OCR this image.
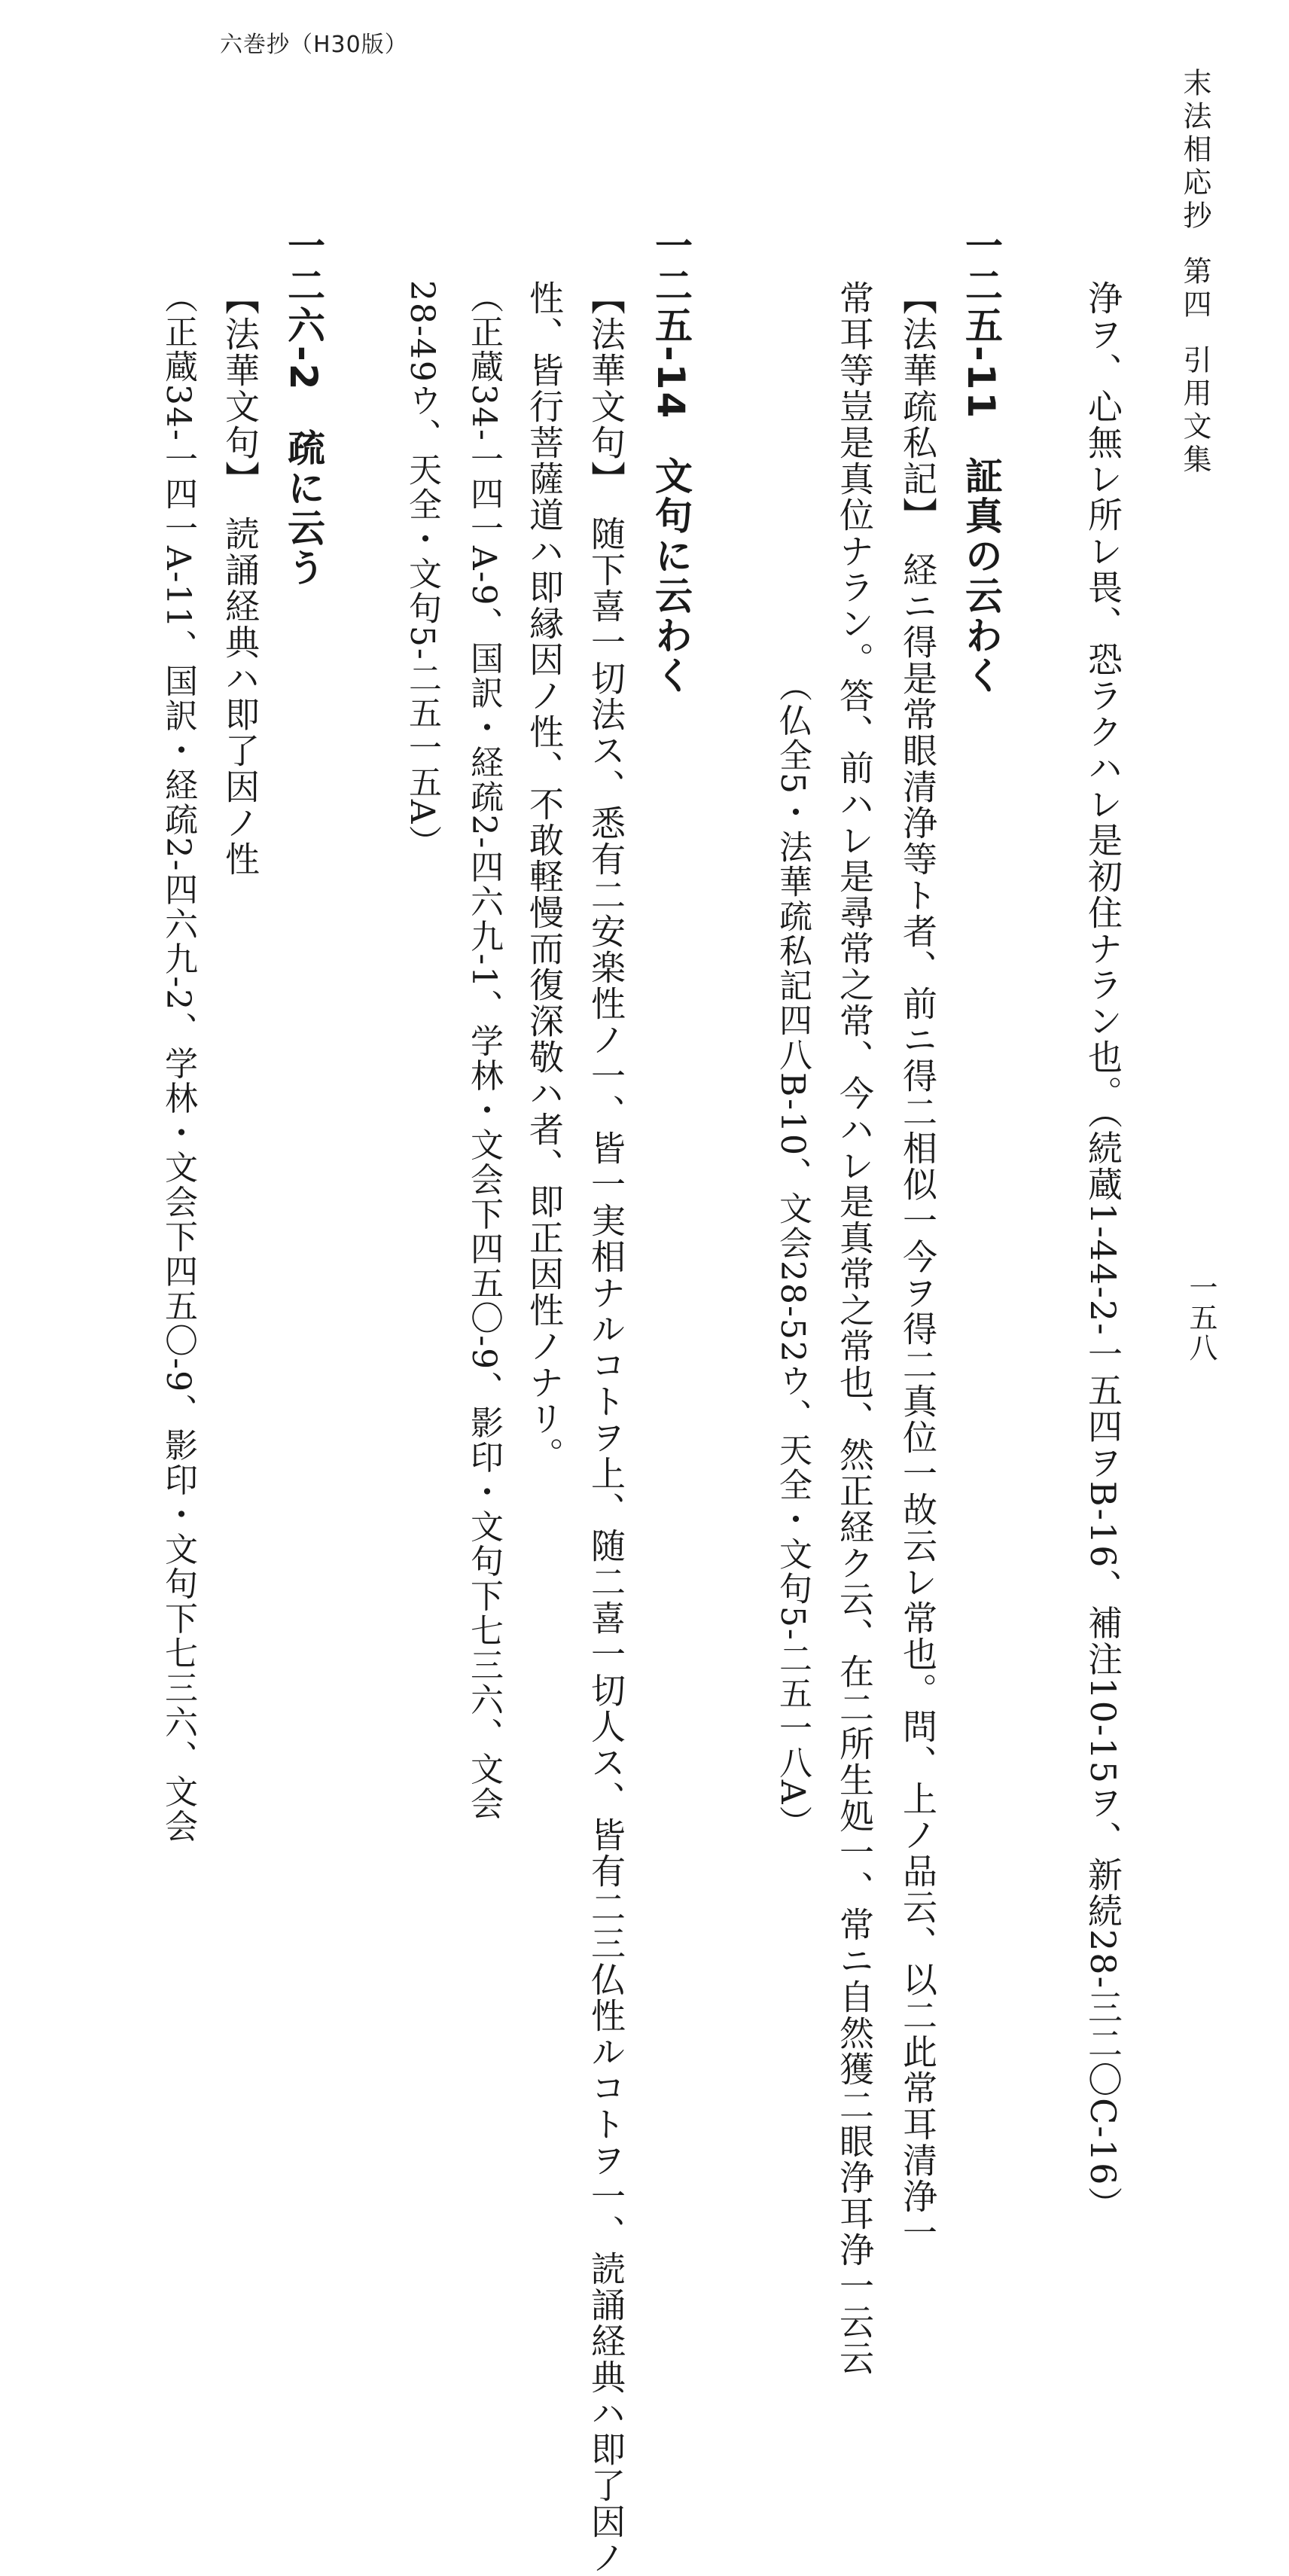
六巻抄（H30版）
末法相応抄第四引用文集
一五八
浄ヲ、心無レ所レ畏、恐ラクハレ是初住ナラン也。（続蔵1-44-2-一五四ヲB-16、補注10-15ヲ、新続28-三二〇C-16）
一二五-11証真の云わく
【法華疏私記】　経ニ得是常眼清浄等ト者、前ニ得二相似一今ヲ得二真位一故云レ常也。問、上ノ品云、以二此常耳清浄一
常耳等豈是真位ナラン。答、前ハレ是尋常之常、今ハレ是真常之常也、然正経ク云、在二所生処一、常ニ自然獲二眼浄耳浄一云云
（仏全5・法華疏私記四八B-10、文会28-52ウ、天全・文句5-二五一八A）
一二五-14文句に云わく
【法華文句】　随下喜一切法ス、悉有二安楽性ノ一、皆一実相ナルコトヲ上、随二喜一切人ス、皆有二三仏性ルコトヲ一、読誦経典ハ即了因ノ
性、皆行菩薩道ハ即縁因ノ性、不敢軽慢而復深敬ハ者、即正因性ノナリ。
（正蔵34-一四一A-9、国訳・経疏2-四六九-1、学林・文会下四五〇-9、影印・文句下七三六、文会
28-49ウ、天全・文句5-二五一五A）
一二六-2疏に云う
【法華文句】　読誦経典ハ即了因ノ性
（正蔵34-一四一A-11、国訳・経疏2-四六九-2、学林・文会下四五〇-9、影印・文句下七三六、文会
